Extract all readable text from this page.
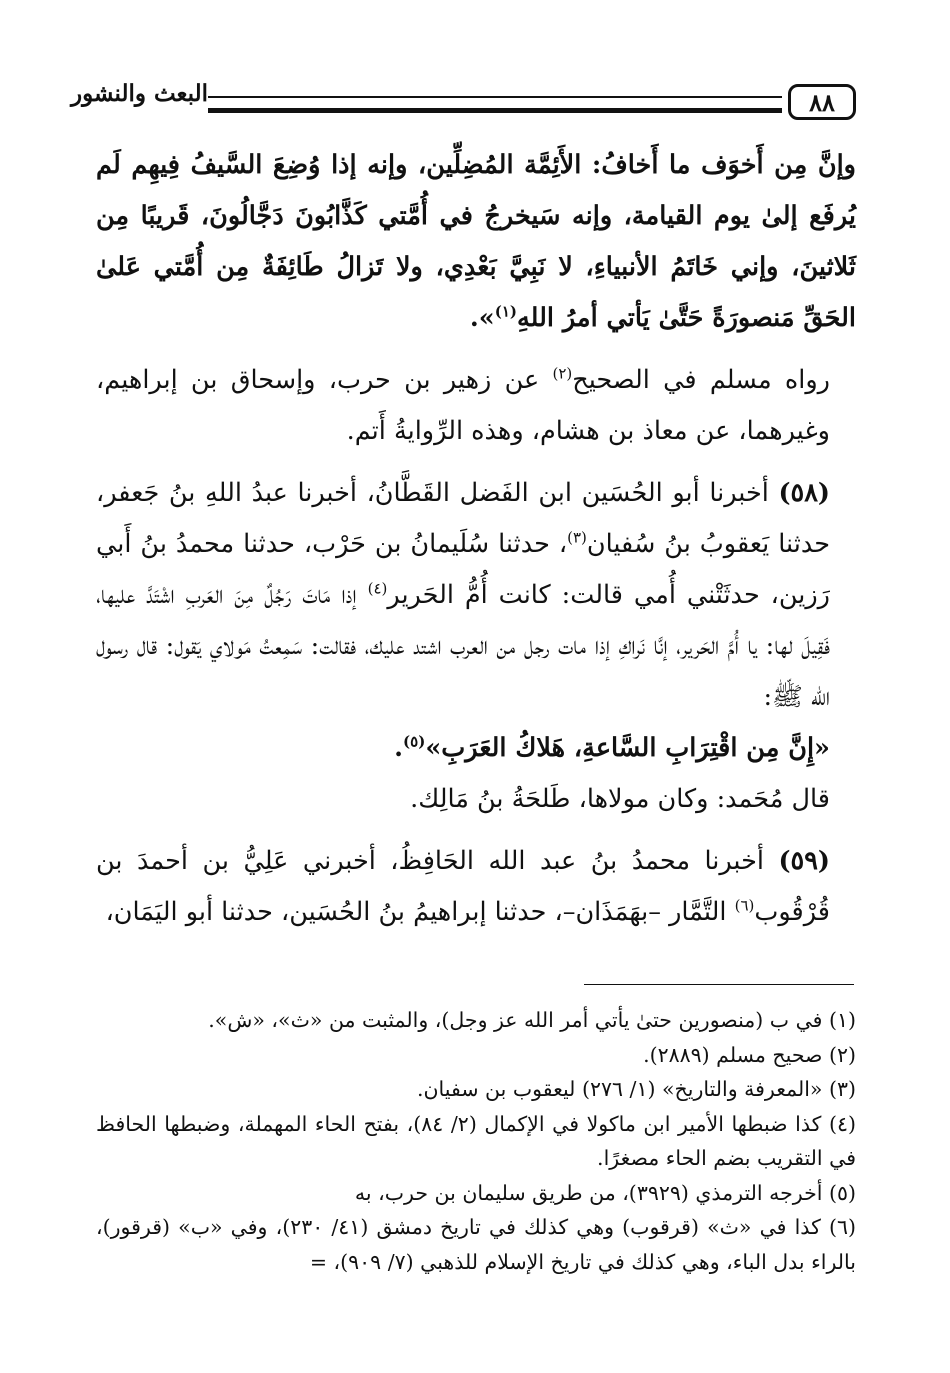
٨٨
البعث والنشور

وإنَّ مِن أَخوَف ما أَخافُ: الأَئِمَّة المُضِلِّين، وإنه إذا وُضِعَ السَّيفُ فِيهِم لَم يُرفَع إلىٰ يوم القيامة، وإنه سَيخرجُ في أُمَّتي كَذَّابُونَ دَجَّالُونَ، قَريبًا مِن ثَلاثينَ، وإني خَاتَمُ الأنبياءِ، لا نَبِيَّ بَعْدِي، ولا تَزالُ طَائِفَةٌ مِن أُمَّتي عَلىٰ الحَقِّ مَنصورَةً حَتَّىٰ يَأتي أمرُ اللهِ$^{(١)}$».

رواه مسلم في الصحيح$^{(٢)}$ عن زهير بن حرب، وإسحاق بن إبراهيم، وغيرهما، عن معاذ بن هشام، وهذه الرِّوايةُ أَتم.

(٥٨) أخبرنا أبو الحُسَين ابن الفَضل القَطَّانُ، أخبرنا عبدُ اللهِ بنُ جَعفر، حدثنا يَعقوبُ بنُ سُفيان$^{(٣)}$، حدثنا سُلَيمانُ بن حَرْب، حدثنا محمدُ بنُ أَبي رَزين، حدثَتْني أُمي قالت: كانت أُمُّ الحَرير$^{(٤)}$ إذا مَاتَ رَجُلٌ مِنَ العَربِ اشْتَدَّ عليها، فَقِيلَ لها: يا أُمَّ الحَرير، إنَّا نَراكِ إذا مات رجل من العرب اشتد عليك، فقالت: سَمِعتُ مَولاي يَقول: قال رسول الله ﷺ:

«إِنَّ مِن اقْتِرَابِ السَّاعةِ، هَلاكُ العَرَبِ»$^{(٥)}$.

قال مُحَمد: وكان مولاها، طَلحَةُ بنُ مَالِك.

(٥٩) أخبرنا محمدُ بنُ عبد الله الحَافِظُ، أخبرني عَلِيُّ بن أحمدَ بن قُرْقُوب$^{(٦)}$ التَّمَّار –بهَمَذَان–، حدثنا إبراهيمُ بنُ الحُسَين، حدثنا أبو اليَمَان،

(١) في ب (منصورين حتىٰ يأتي أمر الله عز وجل)، والمثبت من «ث»، «ش».

(٢) صحيح مسلم (٢٨٨٩).

(٣) «المعرفة والتاريخ» (١/ ٢٧٦) ليعقوب بن سفيان.

(٤) كذا ضبطها الأمير ابن ماكولا في الإكمال (٢/ ٨٤)، بفتح الحاء المهملة، وضبطها الحافظ في التقريب بضم الحاء مصغرًا.

(٥) أخرجه الترمذي (٣٩٢٩)، من طريق سليمان بن حرب، به

(٦) كذا في «ث» (قرقوب) وهي كذلك في تاريخ دمشق (٤١/ ٢٣٠)، وفي «ب» (قرقور)، بالراء بدل الباء، وهي كذلك في تاريخ الإسلام للذهبي (٧/ ٩٠٩)، =
